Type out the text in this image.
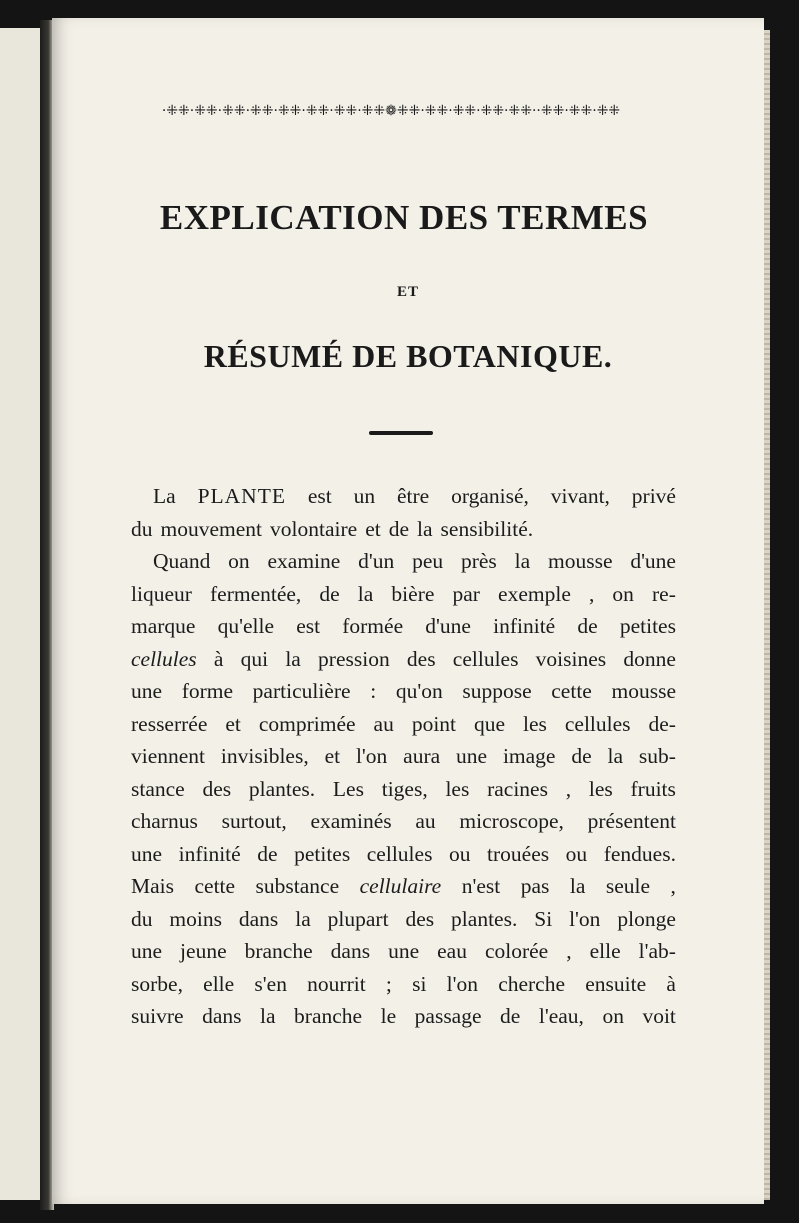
·⁜⁜·⁜⁜·⁜⁜·⁜⁜·⁜⁜·⁜⁜·⁜⁜·⁜⁜❁⁜⁜·⁜⁜·⁜⁜·⁜⁜·⁜⁜··⁜⁜·⁜⁜·⁜⁜
EXPLICATION DES TERMES
ET
RÉSUMÉ DE BOTANIQUE.
La PLANTE est un être organisé, vivant, privé
du mouvement volontaire et de la sensibilité.
Quand on examine d'un peu près la mousse d'une
liqueur fermentée, de la bière par exemple , on re-
marque qu'elle est formée d'une infinité de petites
cellules à qui la pression des cellules voisines donne
une forme particulière : qu'on suppose cette mousse
resserrée et comprimée au point que les cellules de-
viennent invisibles, et l'on aura une image de la sub-
stance des plantes. Les tiges, les racines , les fruits
charnus surtout, examinés au microscope, présentent
une infinité de petites cellules ou trouées ou fendues.
Mais cette substance cellulaire n'est pas la seule ,
du moins dans la plupart des plantes. Si l'on plonge
une jeune branche dans une eau colorée , elle l'ab-
sorbe, elle s'en nourrit ; si l'on cherche ensuite à
suivre dans la branche le passage de l'eau, on voit
